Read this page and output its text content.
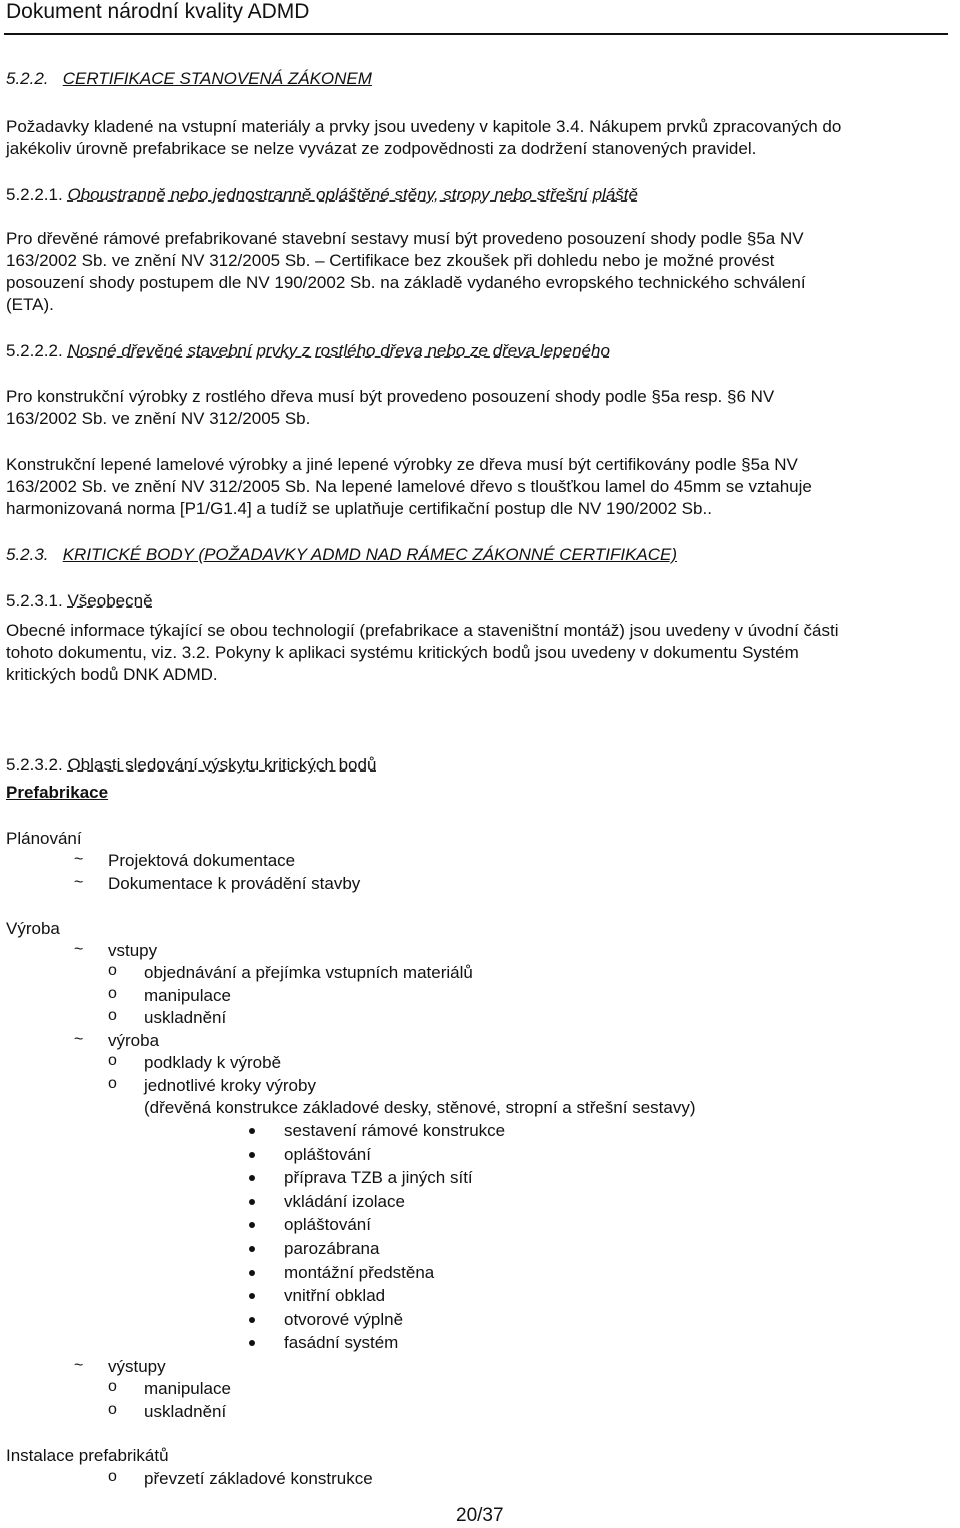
Dokument národní kvality ADMD
5.2.2. CERTIFIKACE STANOVENÁ ZÁKONEM
Požadavky kladené na vstupní materiály a prvky jsou uvedeny v kapitole 3.4. Nákupem prvků zpracovaných do
jakékoliv úrovně prefabrikace se nelze vyvázat ze zodpovědnosti za dodržení stanovených pravidel.
5.2.2.1. Oboustranně nebo jednostranně opláštěné stěny, stropy nebo střešní pláště
Pro dřevěné rámové prefabrikované stavební sestavy musí být provedeno posouzení shody podle §5a NV
163/2002 Sb. ve znění NV 312/2005 Sb. – Certifikace bez zkoušek při dohledu nebo je možné provést
posouzení shody postupem dle NV 190/2002 Sb. na základě vydaného evropského technického schválení
(ETA).
5.2.2.2. Nosné dřevěné stavební prvky z rostlého dřeva nebo ze dřeva lepeného
Pro konstrukční výrobky z rostlého dřeva musí být provedeno posouzení shody podle §5a resp. §6 NV
163/2002 Sb. ve znění NV 312/2005 Sb.
Konstrukční lepené lamelové výrobky a jiné lepené výrobky ze dřeva musí být certifikovány podle §5a NV
163/2002 Sb. ve znění NV 312/2005 Sb. Na lepené lamelové dřevo s tloušťkou lamel do 45mm se vztahuje
harmonizovaná norma [P1/G1.4] a tudíž se uplatňuje certifikační postup dle NV 190/2002 Sb..
5.2.3. KRITICKÉ BODY (POŽADAVKY ADMD NAD RÁMEC ZÁKONNÉ CERTIFIKACE)
5.2.3.1. Všeobecně
Obecné informace týkající se obou technologií (prefabrikace a staveništní montáž) jsou uvedeny v úvodní části
tohoto dokumentu, viz. 3.2. Pokyny k aplikaci systému kritických bodů jsou uvedeny v dokumentu Systém
kritických bodů DNK ADMD.
5.2.3.2. Oblasti sledování výskytu kritických bodů
Prefabrikace
Plánování
~ Projektová dokumentace
~ Dokumentace k provádění stavby
Výroba
~ vstupy
o objednávání a přejímka vstupních materiálů
o manipulace
o uskladnění
~ výroba
o podklady k výrobě
o jednotlivé kroky výroby
(dřevěná konstrukce základové desky, stěnové, stropní a střešní sestavy)
sestavení rámové konstrukce
opláštování
příprava TZB a jiných sítí
vkládání izolace
opláštování
parozábrana
montážní předstěna
vnitřní obklad
otvorové výplně
fasádní systém
~ výstupy
o manipulace
o uskladnění
Instalace prefabrikátů
o převzetí základové konstrukce
20/37
